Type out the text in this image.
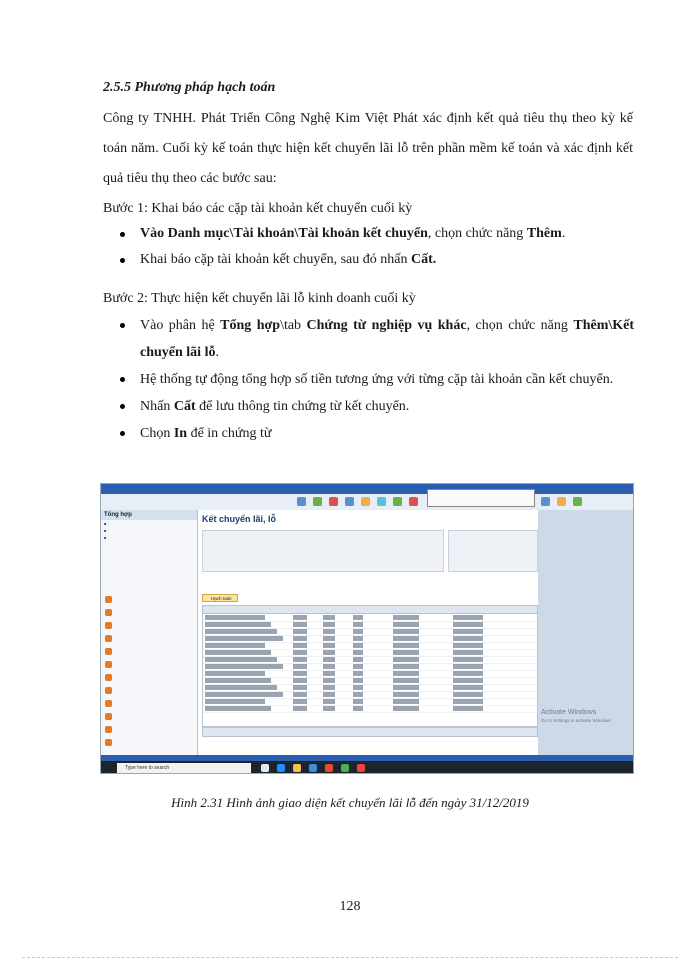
2.5.5 Phương pháp hạch toán
Công ty TNHH. Phát Triển Công Nghệ Kim Việt Phát xác định kết quả tiêu thụ theo kỳ kế toán năm. Cuối kỳ kế toán thực hiện kết chuyển lãi lỗ trên phần mềm kế toán và xác định kết quả tiêu thụ theo các bước sau:
Bước 1: Khai báo các cặp tài khoản kết chuyển cuối kỳ
Vào Danh mục\Tài khoản\Tài khoản kết chuyển, chọn chức năng Thêm.
Khai báo cặp tài khoản kết chuyển, sau đó nhấn Cất.
Bước 2: Thực hiện kết chuyển lãi lỗ kinh doanh cuối kỳ
Vào phân hệ Tổng hợp\tab Chứng từ nghiệp vụ khác, chọn chức năng Thêm\Kết chuyển lãi lỗ.
Hệ thống tự động tổng hợp số tiền tương ứng với từng cặp tài khoản cần kết chuyển.
Nhấn Cất để lưu thông tin chứng từ kết chuyển.
Chọn In để in chứng từ
Tổng hợp
■
■
■
Kết chuyển lãi, lỗ
Hạch toán
Activate Windows
Go to Settings to activate Windows.
Type here to search
Hình 2.31 Hình ảnh giao diện kết chuyển lãi lỗ đến ngày 31/12/2019
128
